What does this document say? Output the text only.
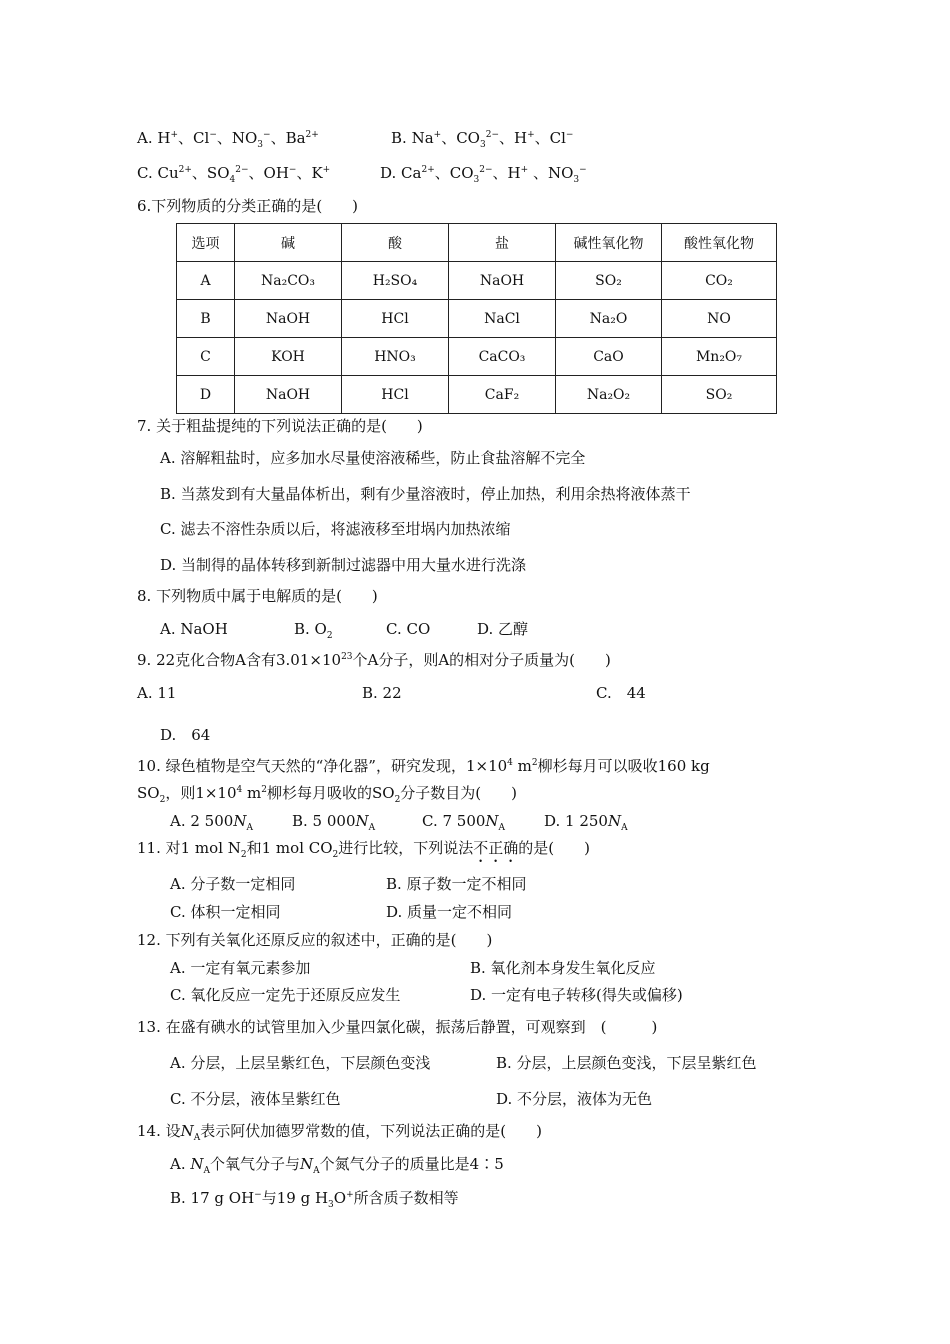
A. H+、Cl−、$NO_3^-$、$Ba^{2+}$	B. Na+、$CO_3^{2-}$、H+、Cl−
C. $Cu^{2+}$、$SO_4^{2-}$、OH−、K+	D. $Ca^{2+}$、$CO_3^{2-}$、H+ 、$NO_3^-$
6.下列物质的分类正确的是(　　)
选项	碱	酸	盐	碱性氧化物	酸性氧化物
A	Na₂CO₃	H₂SO₄	NaOH	SO₂	CO₂
B	NaOH	HCl	NaCl	Na₂O	NO
C	KOH	HNO₃	CaCO₃	CaO	Mn₂O₇
D	NaOH	HCl	CaF₂	Na₂O₂	SO₂
7. 关于粗盐提纯的下列说法正确的是(　　)
A. 溶解粗盐时，应多加水尽量使溶液稀些，防止食盐溶解不完全
B. 当蒸发到有大量晶体析出，剩有少量溶液时，停止加热，利用余热将液体蒸干
C. 滤去不溶性杂质以后，将滤液移至坩埚内加热浓缩
D. 当制得的晶体转移到新制过滤器中用大量水进行洗涤
8. 下列物质中属于电解质的是(　　)
A. NaOH	B. $O_2$	C. CO	D. 乙醇
9. 22克化合物A含有$3.01\times 10^{23}$个A分子，则A的相对分子质量为(　　)
A. 11	B. 22	C.　44
D.　64
10. 绿色植物是空气天然的“净化器”，研究发现，$1\times 10^4$ $m^2$柳杉每月可以吸收160 kg
$SO_2$，则$1\times 10^4$ $m^2$柳杉每月吸收的$SO_2$分子数目为(　　)
A. 2 $500N_A$	B. 5 $000N_A$	C. 7 $500N_A$	D. 1 $250N_A$
11. 对1 mol $N_2$和1 mol $CO_2$进行比较，下列说法不正确的是(　　)
A. 分子数一定相同	B. 原子数一定不相同
C. 体积一定相同	D. 质量一定不相同
12. 下列有关氧化还原反应的叙述中，正确的是(　　)
A. 一定有氧元素参加	B. 氧化剂本身发生氧化反应
C. 氧化反应一定先于还原反应发生	D. 一定有电子转移(得失或偏移)
13. 在盛有碘水的试管里加入少量四氯化碳，振荡后静置，可观察到　(　　　)
A. 分层，上层呈紫红色，下层颜色变浅	B. 分层，上层颜色变浅，下层呈紫红色
C. 不分层，液体呈紫红色	D. 不分层，液体为无色
14. 设$N_A$表示阿伏加德罗常数的值，下列说法正确的是(　　)
A. $N_A$个氧气分子与$N_A$个氮气分子的质量比是4∶5
B. 17 g OH−与19 g $H_3O^+$所含质子数相等
